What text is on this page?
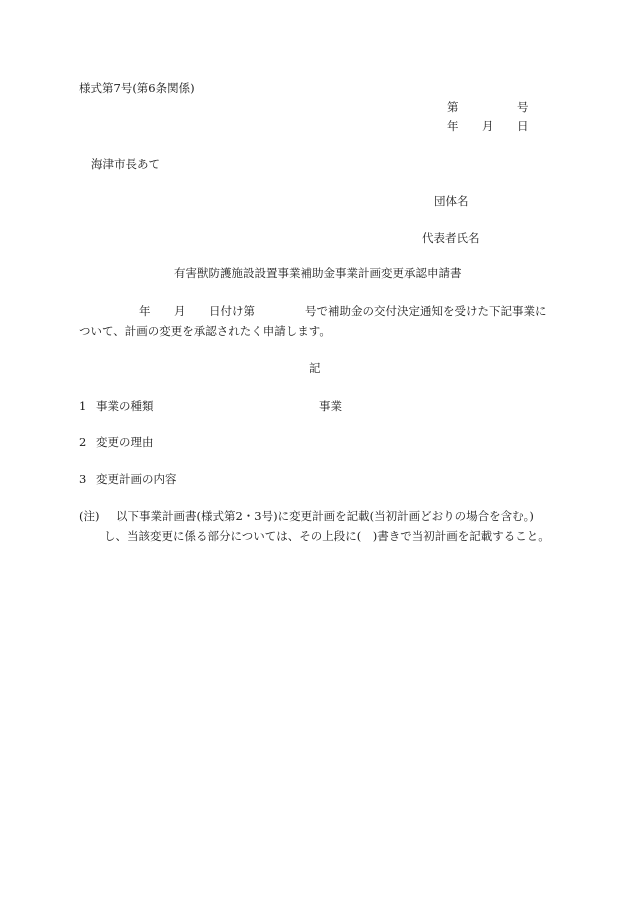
様式第7号(第6条関係)
第	号
年 月 日
海津市長あて
団体名
代表者氏名
有害獣防護施設設置事業補助金事業計画変更承認申請書
年 月 日付け第	号で補助金の交付決定通知を受けた下記事業に
ついて、計画の変更を承認されたく申請します。
記
1 事業の種類	事業
2 変更の理由
3 変更計画の内容
(注) 以下事業計画書(様式第2・3号)に変更計画を記載(当初計画どおりの場合を含む。)
し、当該変更に係る部分については、その上段に(　)書きで当初計画を記載すること。
